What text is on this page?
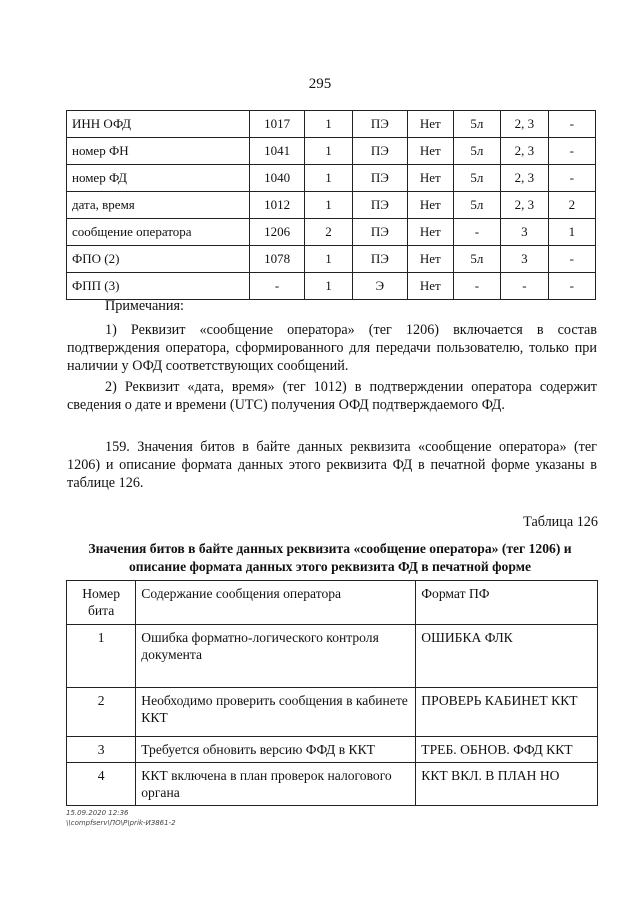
295
ИНН ОФД	1017	1	ПЭ	Нет	5л	2, 3	-
номер ФН	1041	1	ПЭ	Нет	5л	2, 3	-
номер ФД	1040	1	ПЭ	Нет	5л	2, 3	-
дата, время	1012	1	ПЭ	Нет	5л	2, 3	2
сообщение оператора	1206	2	ПЭ	Нет	-	3	1
ФПО (2)	1078	1	ПЭ	Нет	5л	3	-
ФПП (3)	-	1	Э	Нет	-	-	-

Примечания:

1) Реквизит «сообщение оператора» (тег 1206) включается в состав подтверждения оператора, сформированного для передачи пользователю, только при наличии у ОФД соответствующих сообщений.

2) Реквизит «дата, время» (тег 1012) в подтверждении оператора содержит сведения о дате и времени (UTC) получения ОФД подтверждаемого ФД.

159. Значения битов в байте данных реквизита «сообщение оператора» (тег 1206) и описание формата данных этого реквизита ФД в печатной форме указаны в таблице 126.

Таблица 126

Значения битов в байте данных реквизита «сообщение оператора» (тег 1206) и описание формата данных этого реквизита ФД в печатной форме

Номер бита	Содержание сообщения оператора	Формат ПФ
1	Ошибка форматно-логического контроля документа	ОШИБКА ФЛК
2	Необходимо проверить сообщения в кабинете ККТ	ПРОВЕРЬ КАБИНЕТ ККТ
3	Требуется обновить версию ФФД в ККТ	ТРЕБ. ОБНОВ. ФФД ККТ
4	ККТ включена в план проверок налогового органа	ККТ ВКЛ. В ПЛАН НО
15.09.2020 12:36
\\compfserv\ПО\Р\prik-ИЗ861-2
